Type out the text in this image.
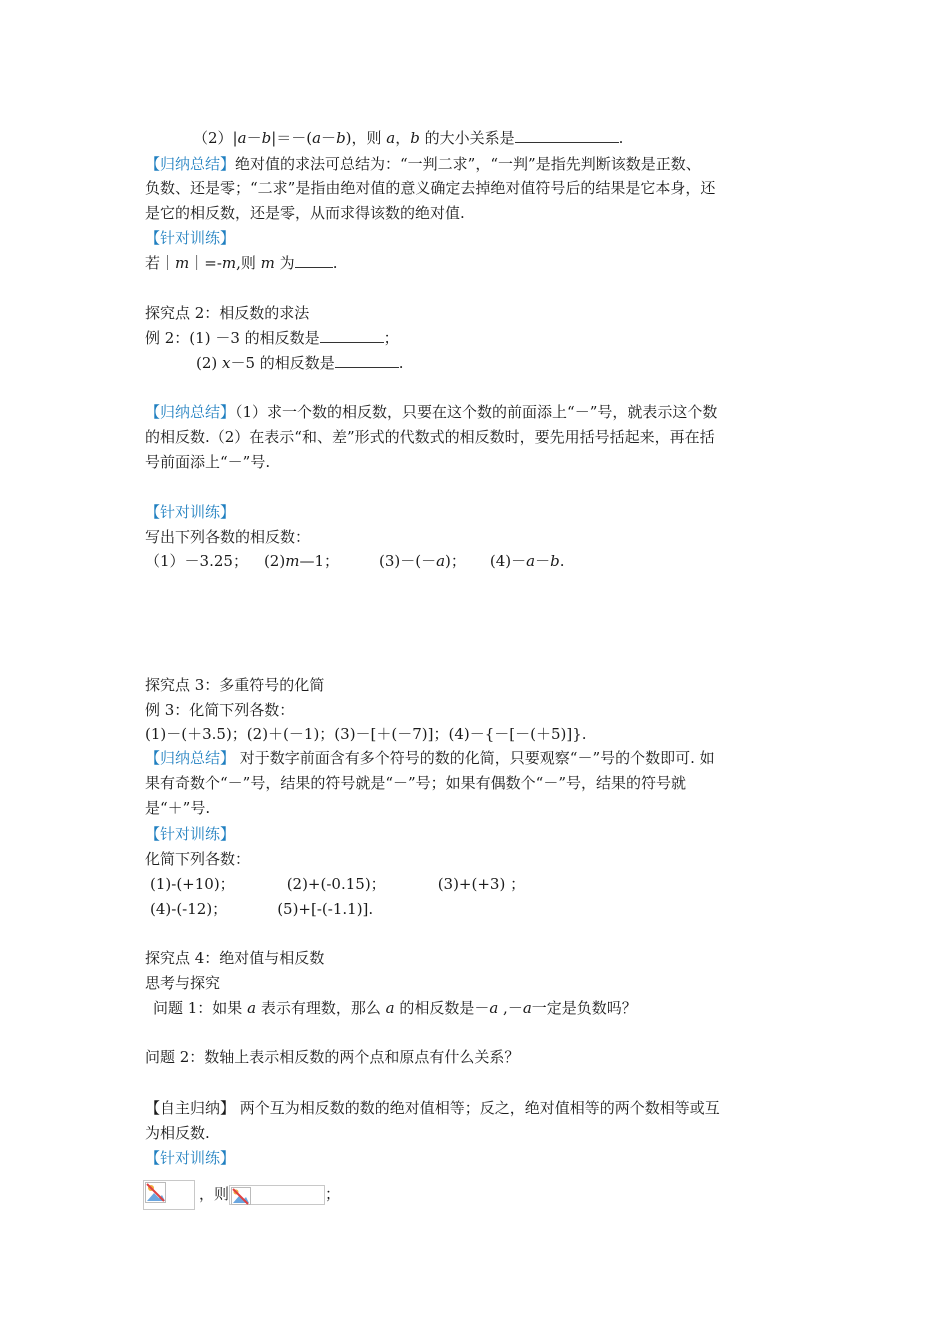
（2）|a－b|＝－(a－b)，则 a，b 的大小关系是	.
【归纳总结】绝对值的求法可总结为：“一判二求”，“一判”是指先判断该数是正数、
负数、还是零；“二求”是指由绝对值的意义确定去掉绝对值符号后的结果是它本身，还
是它的相反数，还是零，从而求得该数的绝对值.
【针对训练】
若｜m｜=-m,则 m 为	.
探究点 2：相反数的求法
例 2：(1) －3 的相反数是	；
(2) x－5 的相反数是	.
【归纳总结】（1）求一个数的相反数，只要在这个数的前面添上“－”号，就表示这个数
的相反数.（2）在表示“和、差”形式的代数式的相反数时，要先用括号括起来，再在括
号前面添上“－”号.
【针对训练】
写出下列各数的相反数：
（1）－3.25； (2)m—1；	(3)－(－a)； (4)－a－b.
探究点 3：多重符号的化简
例 3：化简下列各数：
(1)－(＋3.5)；(2)＋(－1)；(3)－[＋(－7)]；(4)－{－[－(＋5)]}.
【归纳总结】 对于数字前面含有多个符号的数的化简，只要观察“－”号的个数即可. 如
果有奇数个“－”号，结果的符号就是“－”号；如果有偶数个“－”号，结果的符号就
是“＋”号.
【针对训练】
化简下列各数：
(1)-(+10)；	(2)+(-0.15)；	(3)+(+3) ；
(4)-(-12)；	(5)+[-(-1.1)].
探究点 4：绝对值与相反数
思考与探究
问题 1：如果 a 表示有理数，那么 a 的相反数是－a ,－a一定是负数吗？
问题 2：数轴上表示相反数的两个点和原点有什么关系？
【自主归纳】 两个互为相反数的数的绝对值相等；反之，绝对值相等的两个数相等或互
为相反数.
【针对训练】
，则	；
